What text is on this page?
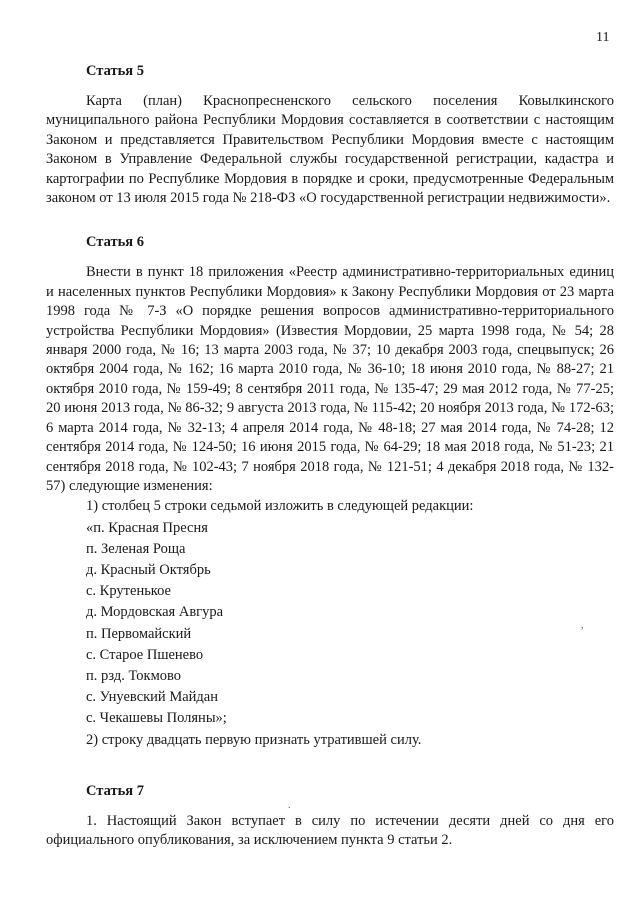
11
Статья 5

Карта (план) Краснопресненского сельского поселения Ковылкинского муниципального района Республики Мордовия составляется в соответствии с настоящим Законом и представляется Правительством Республики Мордовия вместе с настоящим Законом в Управление Федеральной службы государственной регистрации, кадастра и картографии по Республике Мордовия в порядке и сроки, предусмотренные Федеральным законом от 13 июля 2015 года № 218-ФЗ «О государственной регистрации недвижимости».

Статья 6

Внести в пункт 18 приложения «Реестр административно-территориальных единиц и населенных пунктов Республики Мордовия» к Закону Республики Мордовия от 23 марта 1998 года № 7-З «О порядке решения вопросов административно-территориального устройства Республики Мордовия» (Известия Мордовии, 25 марта 1998 года, № 54; 28 января 2000 года, № 16; 13 марта 2003 года, № 37; 10 декабря 2003 года, спецвыпуск; 26 октября 2004 года, № 162; 16 марта 2010 года, № 36-10; 18 июня 2010 года, № 88-27; 21 октября 2010 года, № 159-49; 8 сентября 2011 года, № 135-47; 29 мая 2012 года, № 77-25; 20 июня 2013 года, № 86-32; 9 августа 2013 года, № 115-42; 20 ноября 2013 года, № 172-63; 6 марта 2014 года, № 32-13; 4 апреля 2014 года, № 48-18; 27 мая 2014 года, № 74-28; 12 сентября 2014 года, № 124-50; 16 июня 2015 года, № 64-29; 18 мая 2018 года, № 51-23; 21 сентября 2018 года, № 102-43; 7 ноября 2018 года, № 121-51; 4 декабря 2018 года, № 132-57) следующие изменения:

1) столбец 5 строки седьмой изложить в следующей редакции:
«п. Красная Пресня
п. Зеленая Роща
д. Красный Октябрь
с. Крутенькое
д. Мордовская Авгура
п. Первомайский
с. Старое Пшенево
п. рзд. Токмово
с. Унуевский Майдан
с. Чекашевы Поляны»;
2) строку двадцать первую признать утратившей силу.
Статья 7

1. Настоящий Закон вступает в силу по истечении десяти дней со дня его официального опубликования, за исключением пункта 9 статьи 2.

,
.
